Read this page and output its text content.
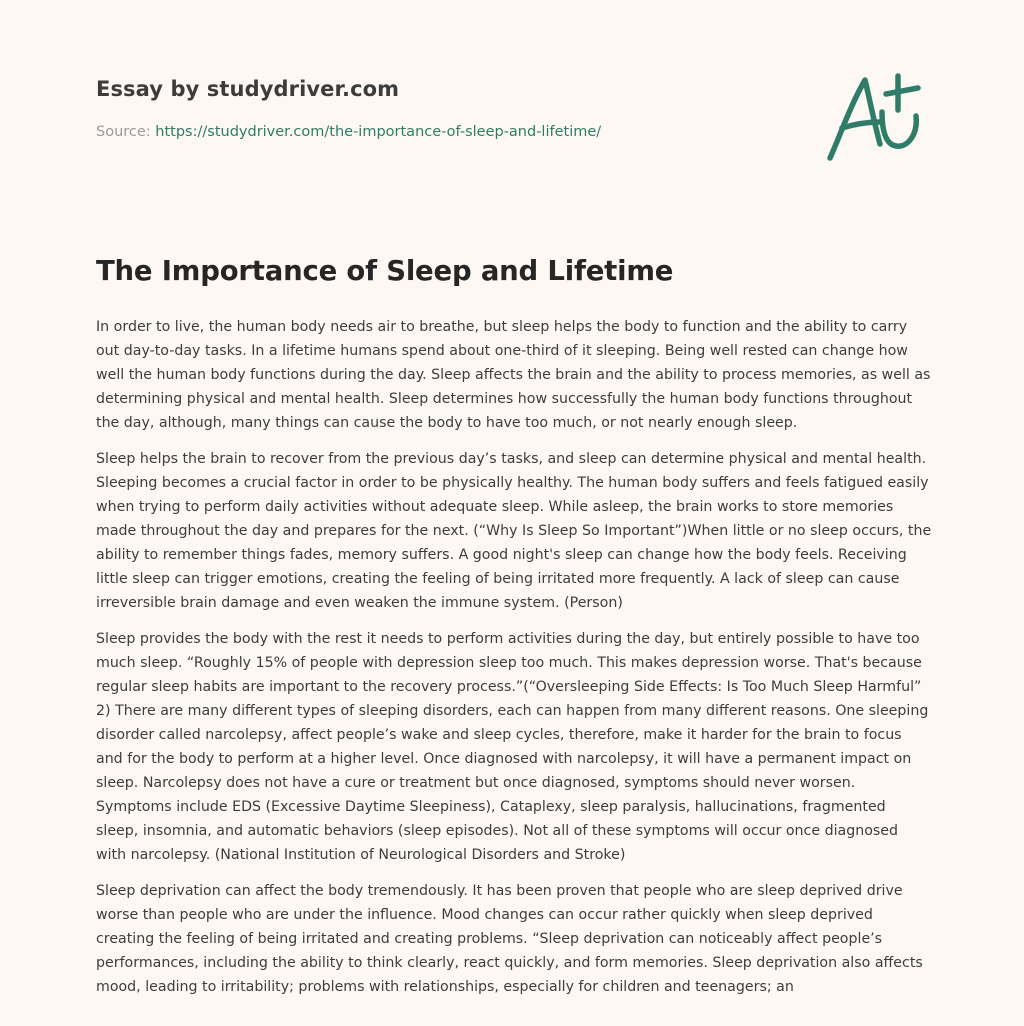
Essay by studydriver.com
Source: https://studydriver.com/the-importance-of-sleep-and-lifetime/
The Importance of Sleep and Lifetime

In order to live, the human body needs air to breathe, but sleep helps the body to function and the ability to carry out day-to-day tasks. In a lifetime humans spend about one-third of it sleeping. Being well rested can change how well the human body functions during the day. Sleep affects the brain and the ability to process memories, as well as determining physical and mental health. Sleep determines how successfully the human body functions throughout the day, although, many things can cause the body to have too much, or not nearly enough sleep.

Sleep helps the brain to recover from the previous day’s tasks, and sleep can determine physical and mental health. Sleeping becomes a crucial factor in order to be physically healthy. The human body suffers and feels fatigued easily when trying to perform daily activities without adequate sleep. While asleep, the brain works to store memories made throughout the day and prepares for the next. (“Why Is Sleep So Important”)When little or no sleep occurs, the ability to remember things fades, memory suffers. A good night's sleep can change how the body feels. Receiving little sleep can trigger emotions, creating the feeling of being irritated more frequently. A lack of sleep can cause irreversible brain damage and even weaken the immune system. (Person)

Sleep provides the body with the rest it needs to perform activities during the day, but entirely possible to have too much sleep. “Roughly 15% of people with depression sleep too much. This makes depression worse. That's because regular sleep habits are important to the recovery process.”(“Oversleeping Side Effects: Is Too Much Sleep Harmful” 2) There are many different types of sleeping disorders, each can happen from many different reasons. One sleeping disorder called narcolepsy, affect people’s wake and sleep cycles, therefore, make it harder for the brain to focus and for the body to perform at a higher level. Once diagnosed with narcolepsy, it will have a permanent impact on sleep. Narcolepsy does not have a cure or treatment but once diagnosed, symptoms should never worsen. Symptoms include EDS (Excessive Daytime Sleepiness), Cataplexy, sleep paralysis, hallucinations, fragmented sleep, insomnia, and automatic behaviors (sleep episodes). Not all of these symptoms will occur once diagnosed with narcolepsy. (National Institution of Neurological Disorders and Stroke)

Sleep deprivation can affect the body tremendously. It has been proven that people who are sleep deprived drive worse than people who are under the influence. Mood changes can occur rather quickly when sleep deprived creating the feeling of being irritated and creating problems. “Sleep deprivation can noticeably affect people’s performances, including the ability to think clearly, react quickly, and form memories. Sleep deprivation also affects mood, leading to irritability; problems with relationships, especially for children and teenagers; an
